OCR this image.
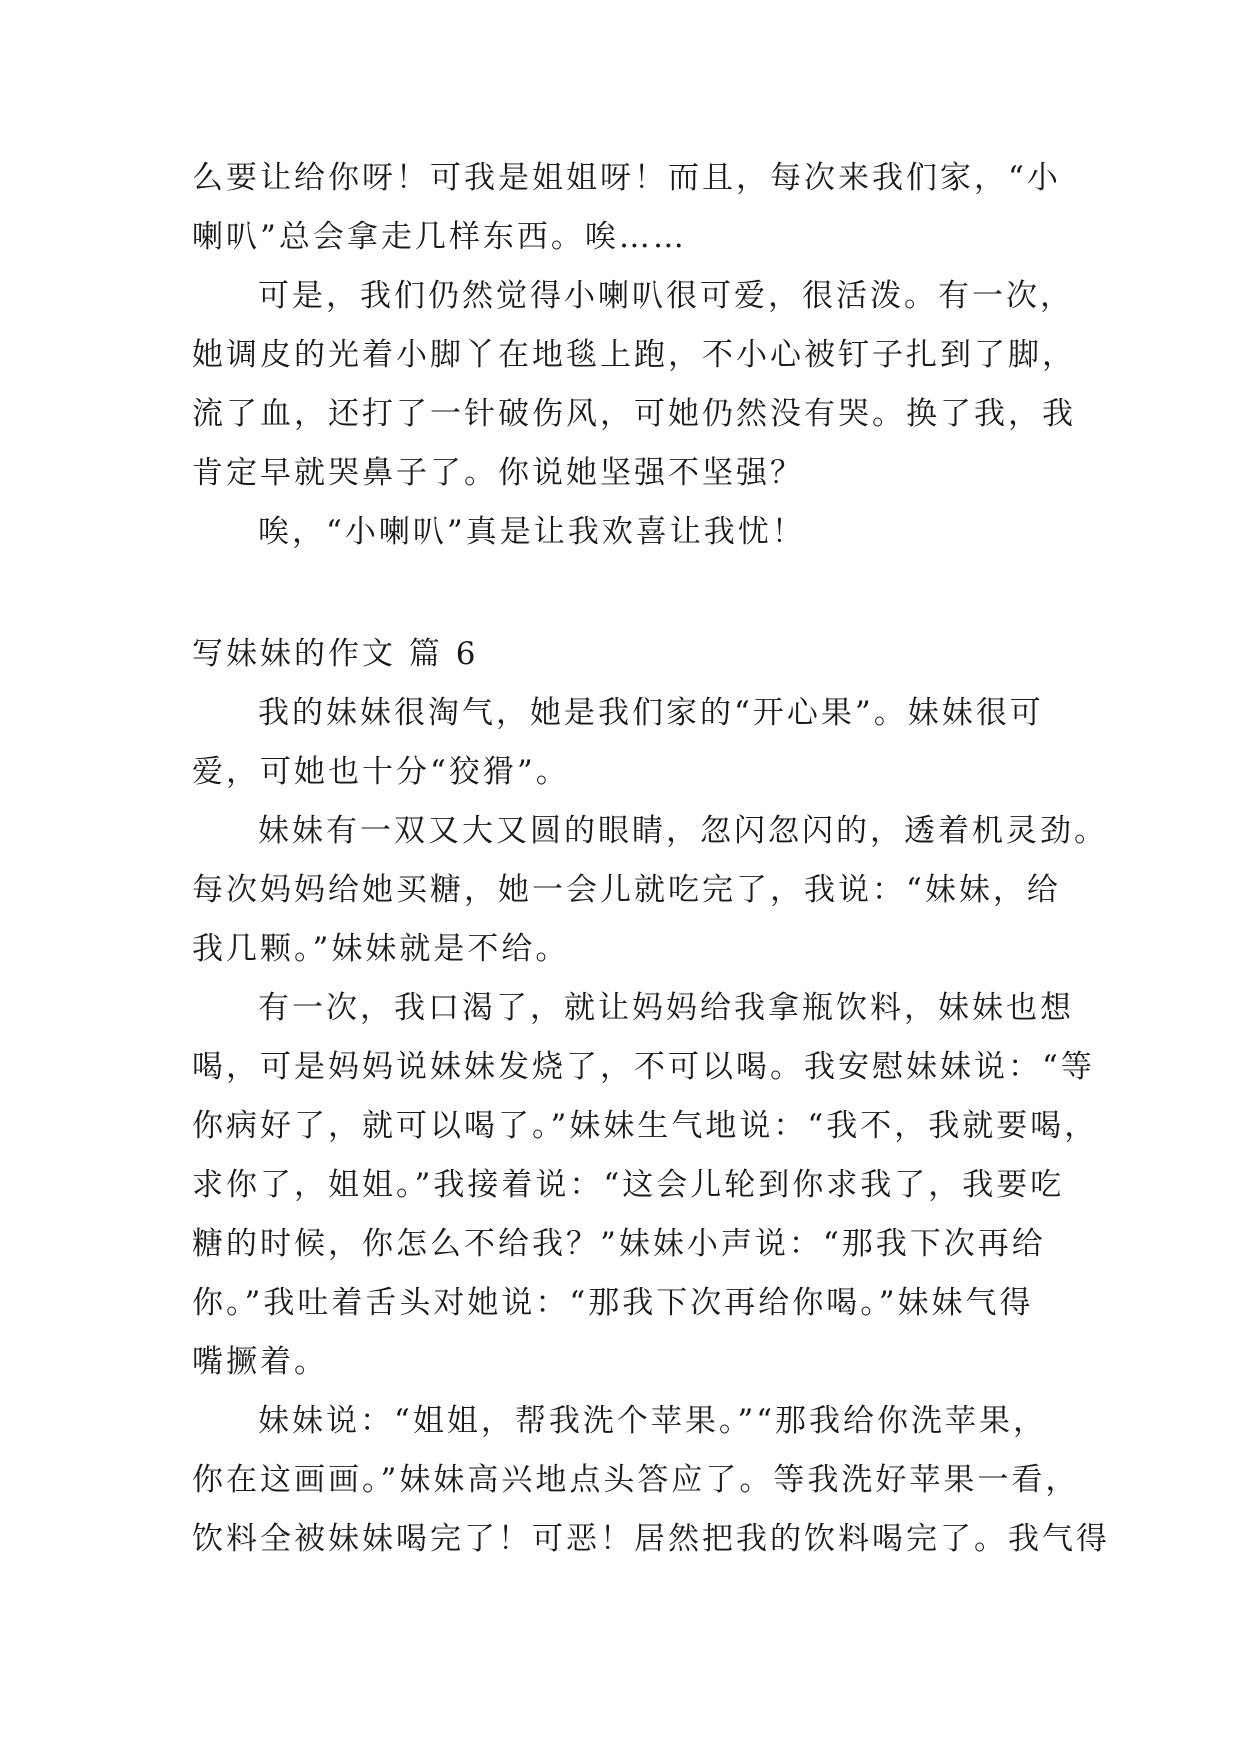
么要让给你呀！可我是姐姐呀！而且，每次来我们家，“小
喇叭”总会拿走几样东西。唉……
可是，我们仍然觉得小喇叭很可爱，很活泼。有一次，
她调皮的光着小脚丫在地毯上跑，不小心被钉子扎到了脚，
流了血，还打了一针破伤风，可她仍然没有哭。换了我，我
肯定早就哭鼻子了。你说她坚强不坚强？
唉，“小喇叭”真是让我欢喜让我忧！
写妹妹的作文 篇 6
我的妹妹很淘气，她是我们家的“开心果”。妹妹很可
爱，可她也十分“狡猾”。
妹妹有一双又大又圆的眼睛，忽闪忽闪的，透着机灵劲。
每次妈妈给她买糖，她一会儿就吃完了，我说：“妹妹，给
我几颗。”妹妹就是不给。
有一次，我口渴了，就让妈妈给我拿瓶饮料，妹妹也想
喝，可是妈妈说妹妹发烧了，不可以喝。我安慰妹妹说：“等
你病好了，就可以喝了。”妹妹生气地说：“我不，我就要喝，
求你了，姐姐。”我接着说：“这会儿轮到你求我了，我要吃
糖的时候，你怎么不给我？”妹妹小声说：“那我下次再给
你。”我吐着舌头对她说：“那我下次再给你喝。”妹妹气得
嘴撅着。
妹妹说：“姐姐，帮我洗个苹果。”“那我给你洗苹果，
你在这画画。”妹妹高兴地点头答应了。等我洗好苹果一看，
饮料全被妹妹喝完了！可恶！居然把我的饮料喝完了。我气得
